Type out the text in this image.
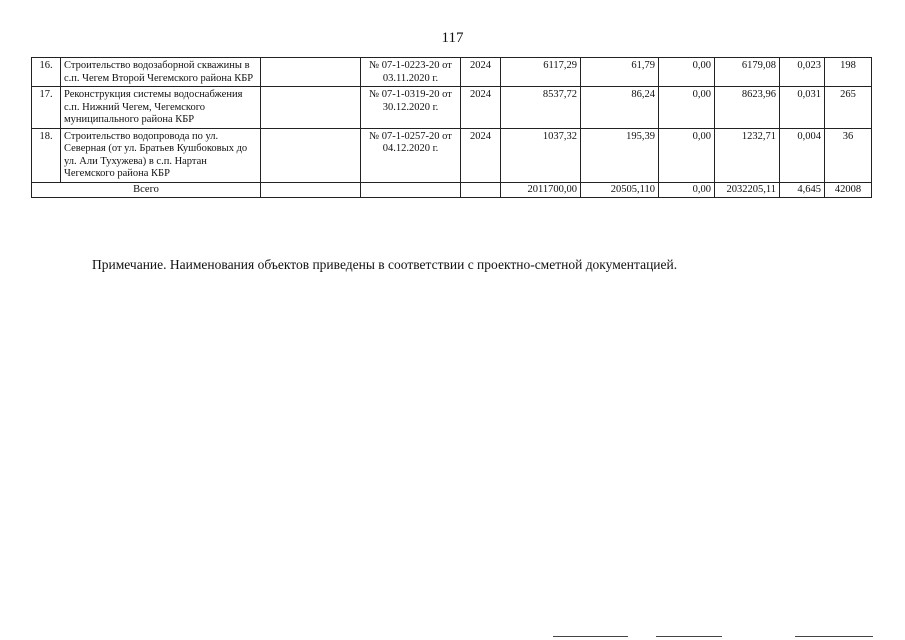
117
16.	Строительство водозаборной скважины в с.п. Чегем Второй Чегемского района КБР		№ 07-1-0223-20 от 03.11.2020 г.	2024	6117,29	61,79	0,00	6179,08	0,023	198
17.	Реконструкция системы водоснабжения с.п. Нижний Чегем, Чегемского муниципального района КБР		№ 07-1-0319-20 от 30.12.2020 г.	2024	8537,72	86,24	0,00	8623,96	0,031	265
18.	Строительство водопровода по ул. Северная (от ул. Братьев Кушбоковых до ул. Али Тухужева) в с.п. Нартан Чегемского района КБР		№ 07-1-0257-20 от 04.12.2020 г.	2024	1037,32	195,39	0,00	1232,71	0,004	36
Всего					2011700,00	20505,110	0,00	2032205,11	4,645	42008
Примечание. Наименования объектов приведены в соответствии с проектно-сметной документацией.
